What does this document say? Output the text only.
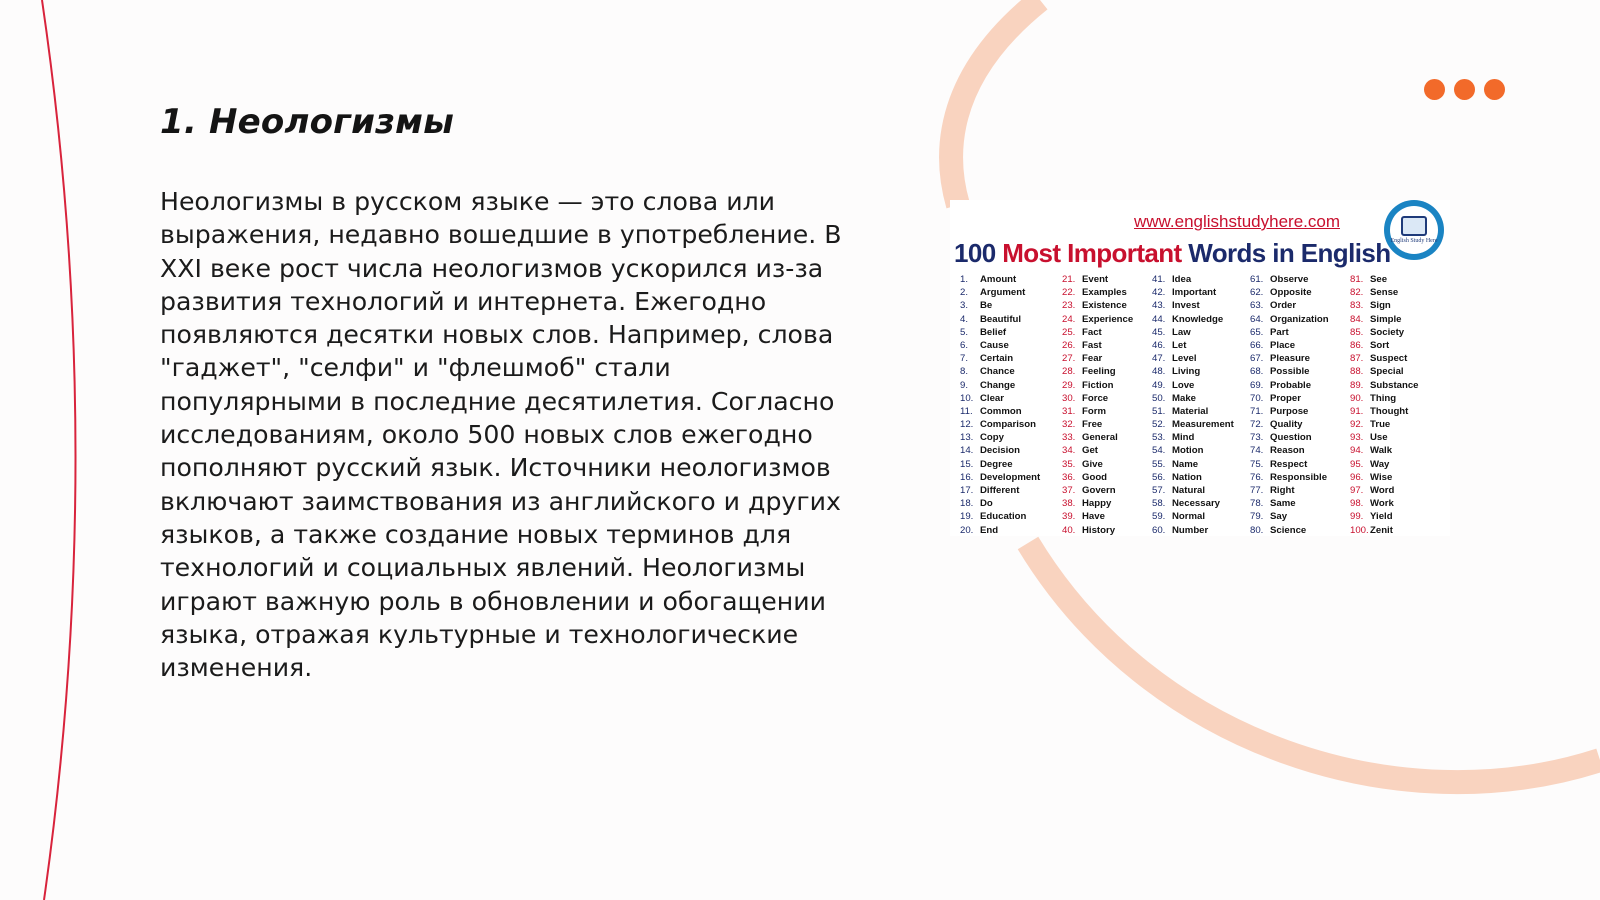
1. Неологизмы

Неологизмы в русском языке — это слова или выражения, недавно вошедшие в употребление. В XXI веке рост числа неологизмов ускорился из-за развития технологий и интернета. Ежегодно появляются десятки новых слов. Например, слова "гаджет", "селфи" и "флешмоб" стали популярными в последние десятилетия. Согласно исследованиям, около 500 новых слов ежегодно пополняют русский язык. Источники неологизмов включают заимствования из английского и других языков, а также создание новых терминов для технологий и социальных явлений. Неологизмы играют важную роль в обновлении и обогащении языка, отражая культурные и технологические изменения.

www.englishstudyhere.com
English Study Here
100 Most Important Words in English
1. Amount
2. Argument
3. Be
4. Beautiful
5. Belief
6. Cause
7. Certain
8. Chance
9. Change
10. Clear
11. Common
12. Comparison
13. Copy
14. Decision
15. Degree
16. Development
17. Different
18. Do
19. Education
20. End
21. Event
22. Examples
23. Existence
24. Experience
25. Fact
26. Fast
27. Fear
28. Feeling
29. Fiction
30. Force
31. Form
32. Free
33. General
34. Get
35. Give
36. Good
37. Govern
38. Happy
39. Have
40. History
41. Idea
42. Important
43. Invest
44. Knowledge
45. Law
46. Let
47. Level
48. Living
49. Love
50. Make
51. Material
52. Measurement
53. Mind
54. Motion
55. Name
56. Nation
57. Natural
58. Necessary
59. Normal
60. Number
61. Observe
62. Opposite
63. Order
64. Organization
65. Part
66. Place
67. Pleasure
68. Possible
69. Probable
70. Proper
71. Purpose
72. Quality
73. Question
74. Reason
75. Respect
76. Responsible
77. Right
78. Same
79. Say
80. Science
81. See
82. Sense
83. Sign
84. Simple
85. Society
86. Sort
87. Suspect
88. Special
89. Substance
90. Thing
91. Thought
92. True
93. Use
94. Walk
95. Way
96. Wise
97. Word
98. Work
99. Yield
100.Zenit
